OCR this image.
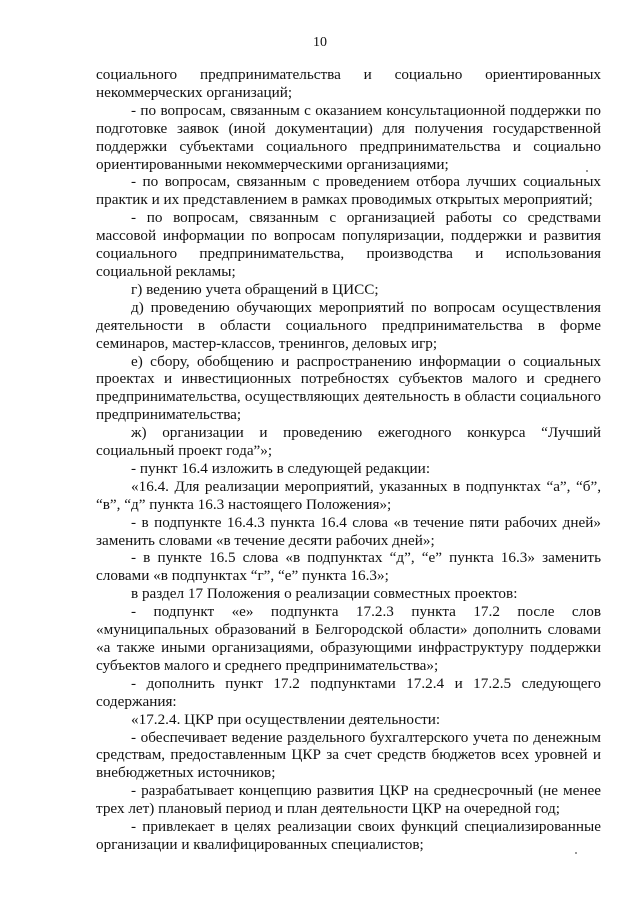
10

социального предпринимательства и социально ориентированных некоммерческих организаций;

- по вопросам, связанным с оказанием консультационной поддержки по подготовке заявок (иной документации) для получения государственной поддержки субъектами социального предпринимательства и социально ориентированными некоммерческими организациями;

- по вопросам, связанным с проведением отбора лучших социальных практик и их представлением в рамках проводимых открытых мероприятий;

- по вопросам, связанным с организацией работы со средствами массовой информации по вопросам популяризации, поддержки и развития социального предпринимательства, производства и использования социальной рекламы;

г) ведению учета обращений в ЦИСС;

д) проведению обучающих мероприятий по вопросам осуществления деятельности в области социального предпринимательства в форме семинаров, мастер-классов, тренингов, деловых игр;

е) сбору, обобщению и распространению информации о социальных проектах и инвестиционных потребностях субъектов малого и среднего предпринимательства, осуществляющих деятельность в области социального предпринимательства;

ж) организации и проведению ежегодного конкурса “Лучший социальный проект года”»;

- пункт 16.4 изложить в следующей редакции:

«16.4. Для реализации мероприятий, указанных в подпунктах “а”, “б”, “в”, “д” пункта 16.3 настоящего Положения»;

- в подпункте 16.4.3 пункта 16.4 слова «в течение пяти рабочих дней» заменить словами «в течение десяти рабочих дней»;

- в пункте 16.5 слова «в подпунктах “д”, “е” пункта 16.3» заменить словами «в подпунктах “г”, “е” пункта 16.3»;

в раздел 17 Положения о реализации совместных проектов:

- подпункт «е» подпункта 17.2.3 пункта 17.2 после слов «муниципальных образований в Белгородской области» дополнить словами «а также иными организациями, образующими инфраструктуру поддержки субъектов малого и среднего предпринимательства»;

- дополнить пункт 17.2 подпунктами 17.2.4 и 17.2.5 следующего содержания:

«17.2.4. ЦКР при осуществлении деятельности:

- обеспечивает ведение раздельного бухгалтерского учета по денежным средствам, предоставленным ЦКР за счет средств бюджетов всех уровней и внебюджетных источников;

- разрабатывает концепцию развития ЦКР на среднесрочный (не менее трех лет) плановый период и план деятельности ЦКР на очередной год;

- привлекает в целях реализации своих функций специализированные организации и квалифицированных специалистов;
